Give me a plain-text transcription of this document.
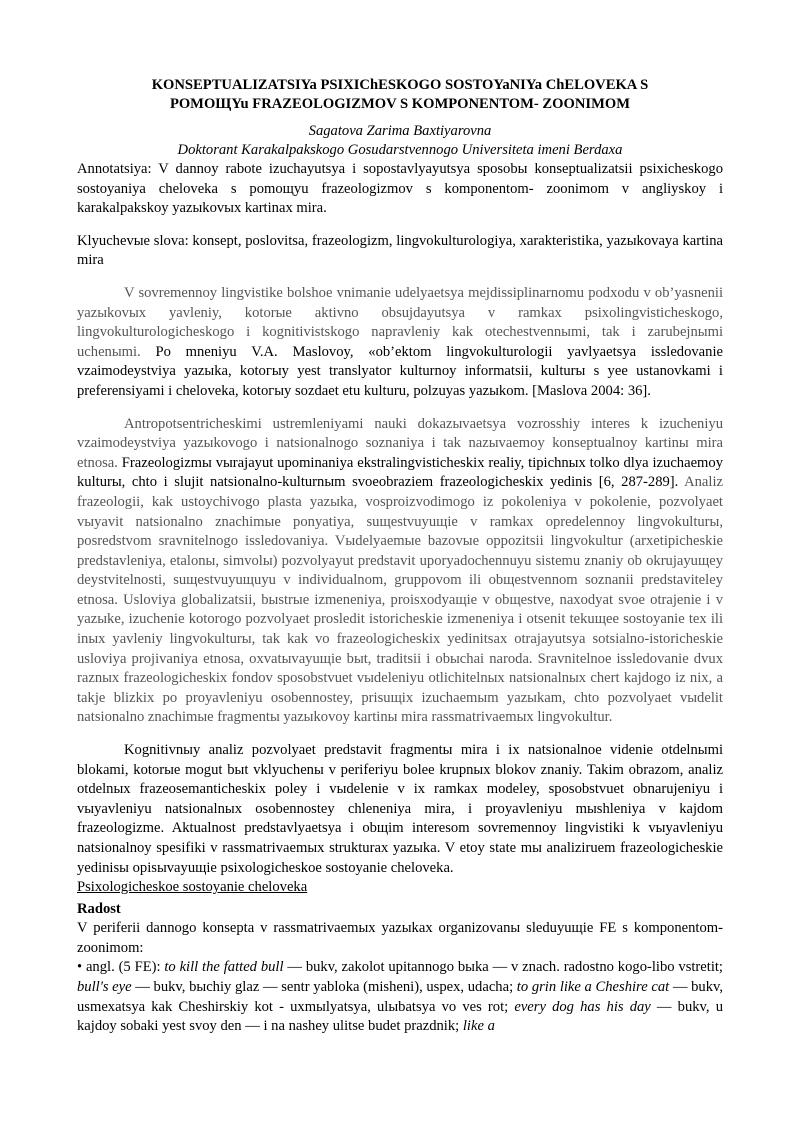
KONSEPTUALIZATSIYa PSIXIChESKOGO SOSTOYaNIYa ChELOVEKA S
РОМОЩYu FRAZEOLOGIZMOV S KOMPONENTOM- ZOONIMOM
Sagatova Zarima Baxtiyarovna
Doktorant Karakalpakskogo Gosudarstvennogo Universiteta imeni Berdaxa

Annotatsiya: V dannoy rabote izuchayutsya i sopostavlyayutsya sposobы konseptualizatsii psixicheskogo sostoyaniya cheloveka s pomoщyu frazeologizmov s komponentom- zoonimom v angliyskoy i karakalpakskoy yazыkovыx kartinax mira.

Klyuchevыe slova: konsept, poslovitsa, frazeologizm, lingvokulturologiya, xarakteristika, yazыkovaya kartina mira

V sovremennoy lingvistike bolshoe vnimanie udelyaetsya mejdissiplinarnomu podxodu v ob’yasnenii yazыkovыx yavleniy, kotorыe aktivno obsujdayutsya v ramkax psixolingvisticheskogo, lingvokulturologicheskogo i kognitivistskogo napravleniy kak otechestvennыmi, tak i zarubejnыmi uchenыmi. Po mneniyu V.A. Maslovoy, «ob’ektom lingvokulturologii yavlyaetsya issledovanie vzaimodeystviya yazыka, kotoгыy yest translyator kulturnoy informatsii, kulturы s yee ustanovkami i preferensiyami i cheloveka, kotoгыy sozdaet etu kulturu, polzuyas yazыkom. [Maslova 2004: 36].

Antropotsentricheskimi ustremleniyami nauki dokazыvaetsya vozrosshiy interes k izucheniyu vzaimodeystviya yazыkovogo i natsionalnogo soznaniya i tak nazыvaemoy konseptualnoy kartinы mira etnosa. Frazeologizmы vыrajayut upominaniya ekstralingvisticheskix realiy, tipichnыx tolko dlya izuchaemoy kulturы, chto i slujit natsionalno-kulturnыm svoeobraziem frazeologicheskix yedinis [6, 287-289]. Analiz frazeologii, kak ustoychivogo plasta yazыka, vosproizvodimogo iz pokoleniya v pokolenie, pozvolyaet vыyavit natsionalno znachimыe ponyatiya, suщestvuyuщie v ramkax opredelennoy lingvokulturы, posredstvom sravnitelnogo issledovaniya. Vыdelyaemыe bazovыe oppozitsii lingvokultur (arxetipicheskie predstavleniya, etalonы, simvolы) pozvolyayut predstavit uporyadochennuyu sistemu znaniy ob okrujayuщey deystvitelnosti, suщestvuyuщuyu v individualnom, gruppovom ili obщestvennom soznanii predstaviteley etnosa. Usloviya globalizatsii, bыstrыe izmeneniya, proisxodyaщie v obщestve, naxodyat svoe otrajenie i v yazыke, izuchenie kotorogo pozvolyaet prosledit istoricheskie izmeneniya i otsenit tekuщee sostoyanie tex ili inыx yavleniy lingvokulturы, tak kak vo frazeologicheskix yedinitsax otrajayutsya sotsialno-istoricheskie usloviya projivaniya etnosa, oxvatыvayuщie bыt, traditsii i obыchai naroda. Sravnitelnoe issledovanie dvux raznыx frazeologicheskix fondov sposobstvuet vыdeleniyu otlichitelnыx natsionalnыx chert kajdogo iz nix, a takje blizkix po proyavleniyu osobennostey, prisuщix izuchaemыm yazыkam, chto pozvolyaet vыdelit natsionalno znachimыe fragmentы yazыkovoy kartinы mira rassmatrivaemыx lingvokultur.

Kognitivnыy analiz pozvolyaet predstavit fragmentы mira i ix natsionalnoe videnie otdelnыmi blokami, kotorыe mogut bыt vklyuchenы v periferiyu bolee krupnыx blokov znaniy. Takim obrazom, analiz otdelnыx frazeosemanticheskix poley i vыdelenie v ix ramkax modeley, sposobstvuet obnarujeniyu i vыyavleniyu natsionalnыx osobennostey chleneniya mira, i proyavleniyu mыshleniya v kajdom frazeologizme. Aktualnost predstavlyaetsya i obщim interesom sovremennoy lingvistiki k vыyavleniyu natsionalnoy spesifiki v rassmatrivaemыx strukturax yazыka. V etoy state mы analiziruem frazeologicheskie yedinisы opisыvayuщie psixologicheskoe sostoyanie cheloveka.

Psixologicheskoe sostoyanie cheloveka
Radost

V periferii dannogo konsepta v rassmatrivaemыx yazыkax organizovanы sleduyuщie FE s komponentom-zoonimom:

• angl. (5 FE): to kill the fatted bull — bukv, zakolot upitannogo bыka — v znach. radostno kogo-libo vstretit; bull's eye — bukv, bыchiy glaz — sentr yabloka (misheni), uspex, udacha; to grin like a Cheshire cat — bukv, usmexatsya kak Cheshirskiy kot - uxmыlyatsya, ulыbatsya vo ves rot; every dog has his day — bukv, u kajdoy sobaki yest svoy den — i na nashey ulitse budet prazdnik; like a
